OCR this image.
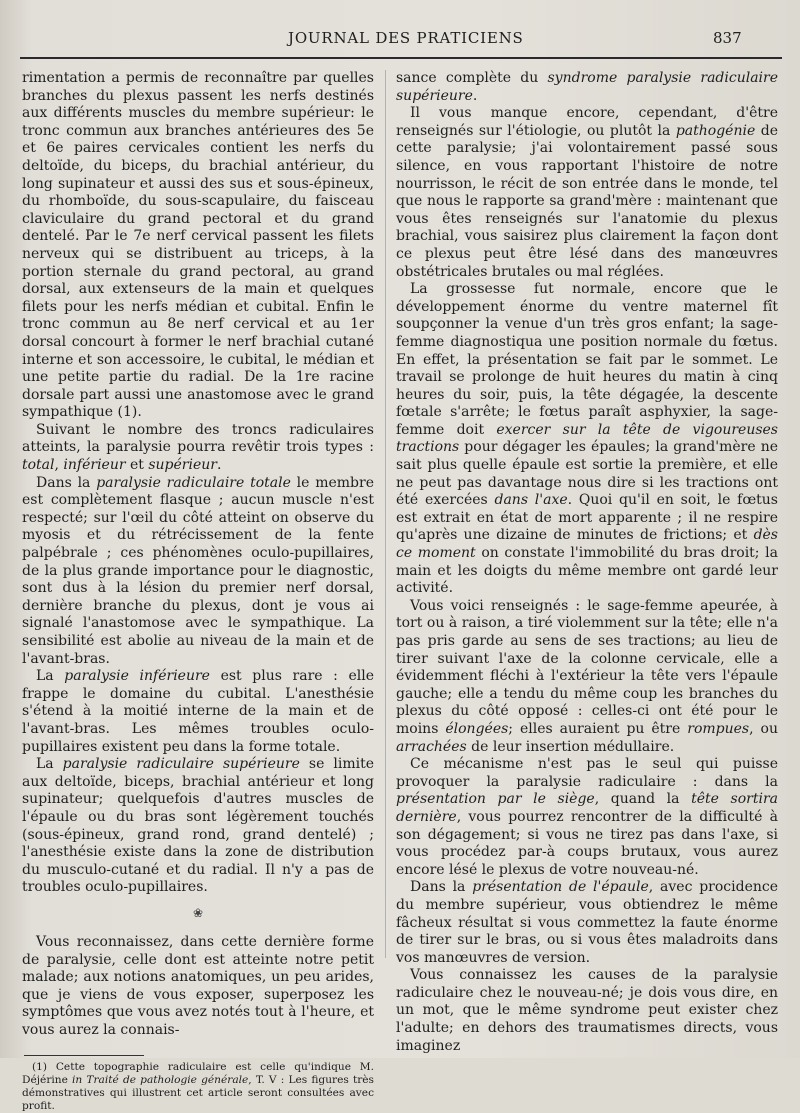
JOURNAL DES PRATICIENS	837

rimentation a permis de reconnaître par quelles branches du plexus passent les nerfs destinés aux différents muscles du membre supérieur: le tronc commun aux branches antérieures des 5e et 6e paires cervicales contient les nerfs du deltoïde, du biceps, du brachial antérieur, du long supinateur et aussi des sus et sous-épineux, du rhomboïde, du sous-scapulaire, du faisceau claviculaire du grand pectoral et du grand dentelé. Par le 7e nerf cervical passent les filets nerveux qui se distribuent au triceps, à la portion sternale du grand pectoral, au grand dorsal, aux extenseurs de la main et quelques filets pour les nerfs médian et cubital. Enfin le tronc commun au 8e nerf cervical et au 1er dorsal concourt à former le nerf brachial cutané interne et son accessoire, le cubital, le médian et une petite partie du radial. De la 1re racine dorsale part aussi une anastomose avec le grand sympathique (1).

Suivant le nombre des troncs radiculaires atteints, la paralysie pourra revêtir trois types : total, inférieur et supérieur.

Dans la paralysie radiculaire totale le membre est complètement flasque ; aucun muscle n'est respecté; sur l'œil du côté atteint on observe du myosis et du rétrécissement de la fente palpébrale ; ces phénomènes oculo-pupillaires, de la plus grande importance pour le diagnostic, sont dus à la lésion du premier nerf dorsal, dernière branche du plexus, dont je vous ai signalé l'anastomose avec le sympathique. La sensibilité est abolie au niveau de la main et de l'avant-bras.

La paralysie inférieure est plus rare : elle frappe le domaine du cubital. L'anesthésie s'étend à la moitié interne de la main et de l'avant-bras. Les mêmes troubles oculo-pupillaires existent peu dans la forme totale.

La paralysie radiculaire supérieure se limite aux deltoïde, biceps, brachial antérieur et long supinateur; quelquefois d'autres muscles de l'épaule ou du bras sont légèrement touchés (sous-épineux, grand rond, grand dentelé) ; l'anesthésie existe dans la zone de distribution du musculo-cutané et du radial. Il n'y a pas de troubles oculo-pupillaires.

❀

Vous reconnaissez, dans cette dernière forme de paralysie, celle dont est atteinte notre petit malade; aux notions anatomiques, un peu arides, que je viens de vous exposer, superposez les symptômes que vous avez notés tout à l'heure, et vous aurez la connais-

(1) Cette topographie radiculaire est celle qu'indique M. Déjérine in Traité de pathologie générale, T. V : Les figures très démonstratives qui illustrent cet article seront consultées avec profit.

sance complète du syndrome paralysie radiculaire supérieure.

Il vous manque encore, cependant, d'être renseignés sur l'étiologie, ou plutôt la pathogénie de cette paralysie; j'ai volontairement passé sous silence, en vous rapportant l'histoire de notre nourrisson, le récit de son entrée dans le monde, tel que nous le rapporte sa grand'mère : maintenant que vous êtes renseignés sur l'anatomie du plexus brachial, vous saisirez plus clairement la façon dont ce plexus peut être lésé dans des manœuvres obstétricales brutales ou mal réglées.

La grossesse fut normale, encore que le développement énorme du ventre maternel fît soupçonner la venue d'un très gros enfant; la sage-femme diagnostiqua une position normale du fœtus. En effet, la présentation se fait par le sommet. Le travail se prolonge de huit heures du matin à cinq heures du soir, puis, la tête dégagée, la descente fœtale s'arrête; le fœtus paraît asphyxier, la sage-femme doit exercer sur la tête de vigoureuses tractions pour dégager les épaules; la grand'mère ne sait plus quelle épaule est sortie la première, et elle ne peut pas davantage nous dire si les tractions ont été exercées dans l'axe. Quoi qu'il en soit, le fœtus est extrait en état de mort apparente ; il ne respire qu'après une dizaine de minutes de frictions; et dès ce moment on constate l'immobilité du bras droit; la main et les doigts du même membre ont gardé leur activité.

Vous voici renseignés : le sage-femme apeurée, à tort ou à raison, a tiré violemment sur la tête; elle n'a pas pris garde au sens de ses tractions; au lieu de tirer suivant l'axe de la colonne cervicale, elle a évidemment fléchi à l'extérieur la tête vers l'épaule gauche; elle a tendu du même coup les branches du plexus du côté opposé : celles-ci ont été pour le moins élongées; elles auraient pu être rompues, ou arrachées de leur insertion médullaire.

Ce mécanisme n'est pas le seul qui puisse provoquer la paralysie radiculaire : dans la présentation par le siège, quand la tête sortira dernière, vous pourrez rencontrer de la difficulté à son dégagement; si vous ne tirez pas dans l'axe, si vous procédez par-à coups brutaux, vous aurez encore lésé le plexus de votre nouveau-né.

Dans la présentation de l'épaule, avec procidence du membre supérieur, vous obtiendrez le même fâcheux résultat si vous commettez la faute énorme de tirer sur le bras, ou si vous êtes maladroits dans vos manœuvres de version.

Vous connaissez les causes de la paralysie radiculaire chez le nouveau-né; je dois vous dire, en un mot, que le même syndrome peut exister chez l'adulte; en dehors des traumatismes directs, vous imaginez
